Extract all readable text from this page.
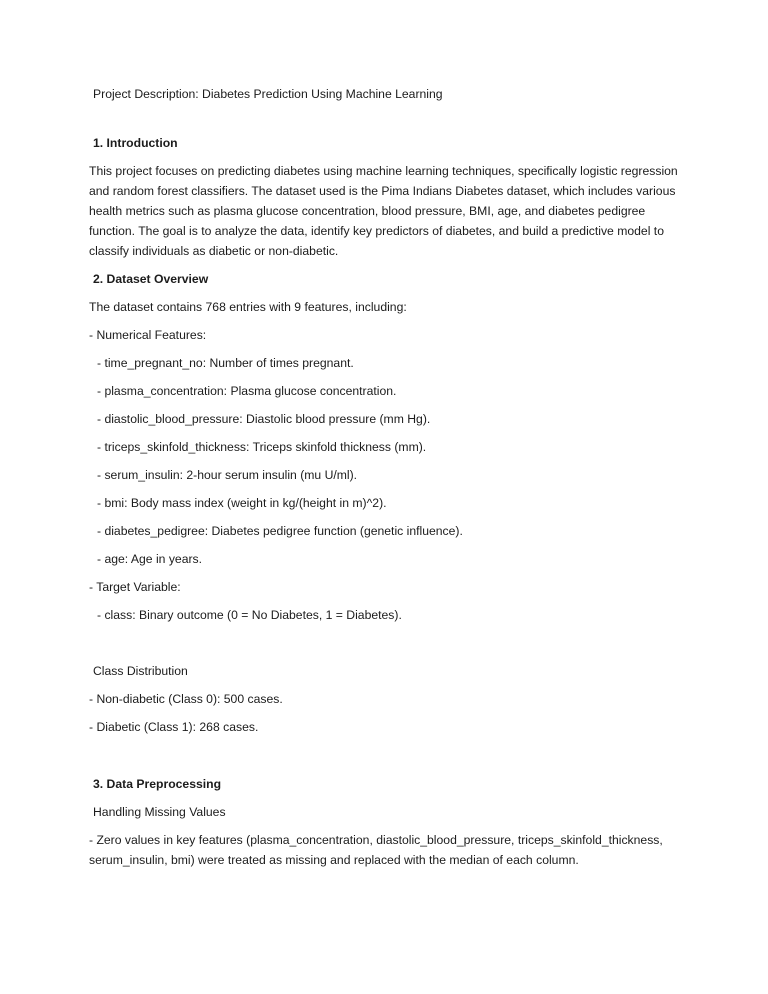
Project Description: Diabetes Prediction Using Machine Learning

1. Introduction

This project focuses on predicting diabetes using machine learning techniques, specifically logistic regression and random forest classifiers. The dataset used is the Pima Indians Diabetes dataset, which includes various health metrics such as plasma glucose concentration, blood pressure, BMI, age, and diabetes pedigree function. The goal is to analyze the data, identify key predictors of diabetes, and build a predictive model to classify individuals as diabetic or non-diabetic.

2. Dataset Overview

The dataset contains 768 entries with 9 features, including:

- Numerical Features:

- time_pregnant_no: Number of times pregnant.

- plasma_concentration: Plasma glucose concentration.

- diastolic_blood_pressure: Diastolic blood pressure (mm Hg).

- triceps_skinfold_thickness: Triceps skinfold thickness (mm).

- serum_insulin: 2-hour serum insulin (mu U/ml).

- bmi: Body mass index (weight in kg/(height in m)^2).

- diabetes_pedigree: Diabetes pedigree function (genetic influence).

- age: Age in years.

- Target Variable:

- class: Binary outcome (0 = No Diabetes, 1 = Diabetes).

Class Distribution

- Non-diabetic (Class 0): 500 cases.

- Diabetic (Class 1): 268 cases.

3. Data Preprocessing

Handling Missing Values

- Zero values in key features (plasma_concentration, diastolic_blood_pressure, triceps_skinfold_thickness, serum_insulin, bmi) were treated as missing and replaced with the median of each column.
